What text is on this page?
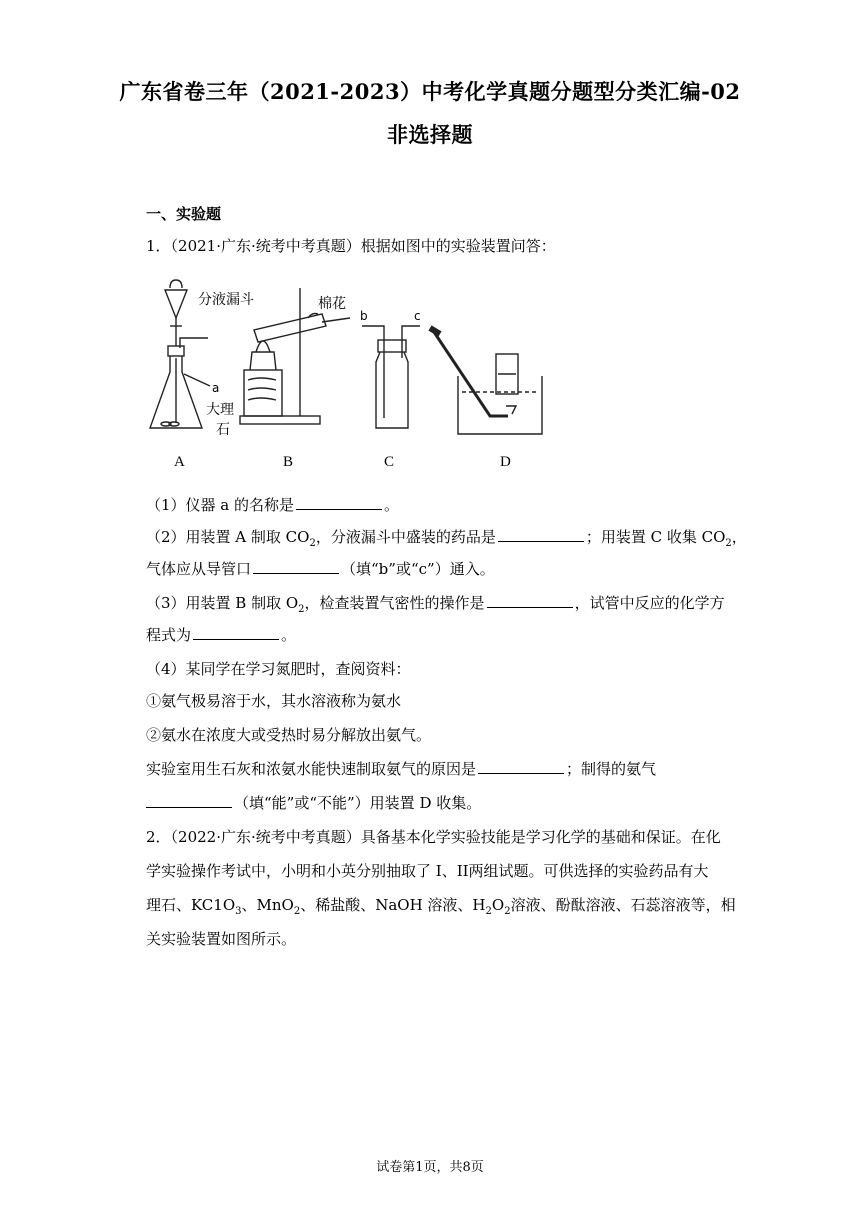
广东省卷三年（2021-2023）中考化学真题分题型分类汇编-02
非选择题
一、实验题
1．（2021·广东·统考中考真题）根据如图中的实验装置问答：
分液漏斗	棉花
a
大理
石
b	c
A	B	C	D
（1）仪器 a 的名称是	。
（2）用装置 A 制取 $CO_2$，分液漏斗中盛装的药品是	；用装置 C 收集 $CO_2$，
气体应从导管口	（填“b”或“c”）通入。
（3）用装置 B 制取 $O_2$，检查装置气密性的操作是	，试管中反应的化学方
程式为	。
（4）某同学在学习氮肥时，查阅资料：
①氨气极易溶于水，其水溶液称为氨水
②氨水在浓度大或受热时易分解放出氨气。
实验室用生石灰和浓氨水能快速制取氨气的原因是	；制得的氨气
（填“能”或“不能”）用装置 D 收集。
2．（2022·广东·统考中考真题）具备基本化学实验技能是学习化学的基础和保证。在化
学实验操作考试中，小明和小英分别抽取了 I、II两组试题。可供选择的实验药品有大
理石、$KC1O_3$、MnO$_2$、稀盐酸、NaOH 溶液、$H_2O_2$溶液、酚酞溶液、石蕊溶液等，相
关实验装置如图所示。
试卷第1页，共8页
